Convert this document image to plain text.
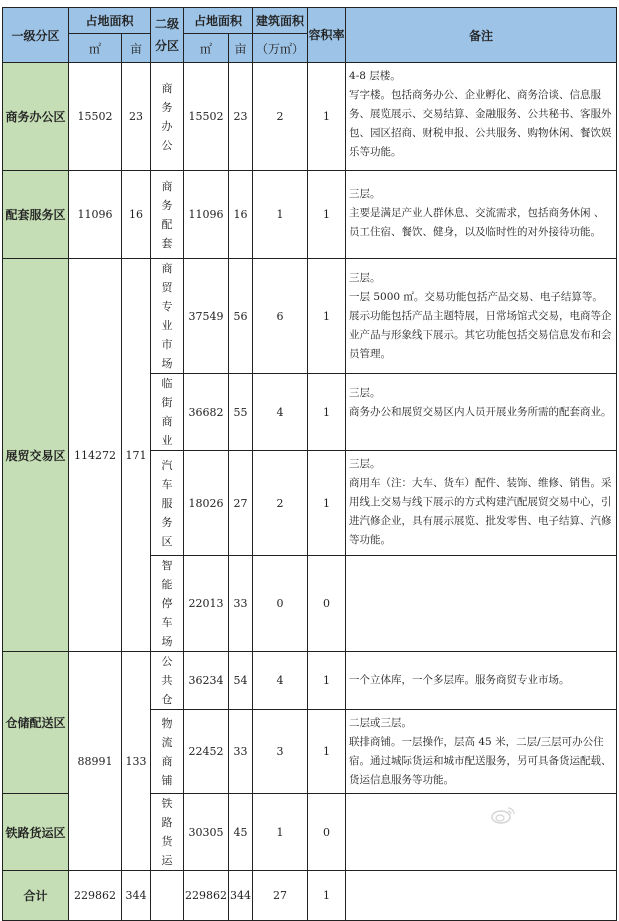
一级分区	占地面积		二级分区	占地面积		建筑面积	容积率	备注
	㎡	亩		㎡	亩	（万㎡）		
商务办公区	15502	23	商务办公	15502	23	2	1	4-8 层楼。
写字楼。包括商务办公、企业孵化、商务洽谈、信息服务、展览展示、交易结算、金融服务、公共秘书、客服外包、园区招商、财税申报、公共服务、购物休闲、餐饮娱乐等功能。
配套服务区	11096	16	商务配套	11096	16	1	1	三层。
主要是满足产业人群休息、交流需求，包括商务休闲 、员工住宿、餐饮、健身，以及临时性的对外接待功能。
展贸交易区	114272	171	商贸专业市场	37549	56	6	1	三层。
一层 5000 ㎡。交易功能包括产品交易、电子结算等。展示功能包括产品主题特展，日常场馆式交易，电商等企业产品与形象线下展示。其它功能包括交易信息发布和会员管理。
			临街商业	36682	55	4	1	三层。
商务办公和展贸交易区内人员开展业务所需的配套商业。
			汽车服务区	18026	27	2	1	三层。
商用车（注：大车、货车）配件、装饰、维修、销售。采用线上交易与线下展示的方式构建汽配展贸交易中心，引进汽修企业，具有展示展览、批发零售、电子结算、汽修等功能。
			智能停车场	22013	33	0	0	
仓储配送区	88991	133	公共仓	36234	54	4	1	一个立体库，一个多层库。服务商贸专业市场。
			物流商铺	22452	33	3	1	二层或三层。
联排商铺。一层操作，层高 45 米，二层/三层可办公住宿。通过城际货运和城市配送服务，另可具备货运配载、货运信息服务等功能。
铁路货运区			铁路货运	30305	45	1	0	
合计	229862	344		229862	344	27	1	
